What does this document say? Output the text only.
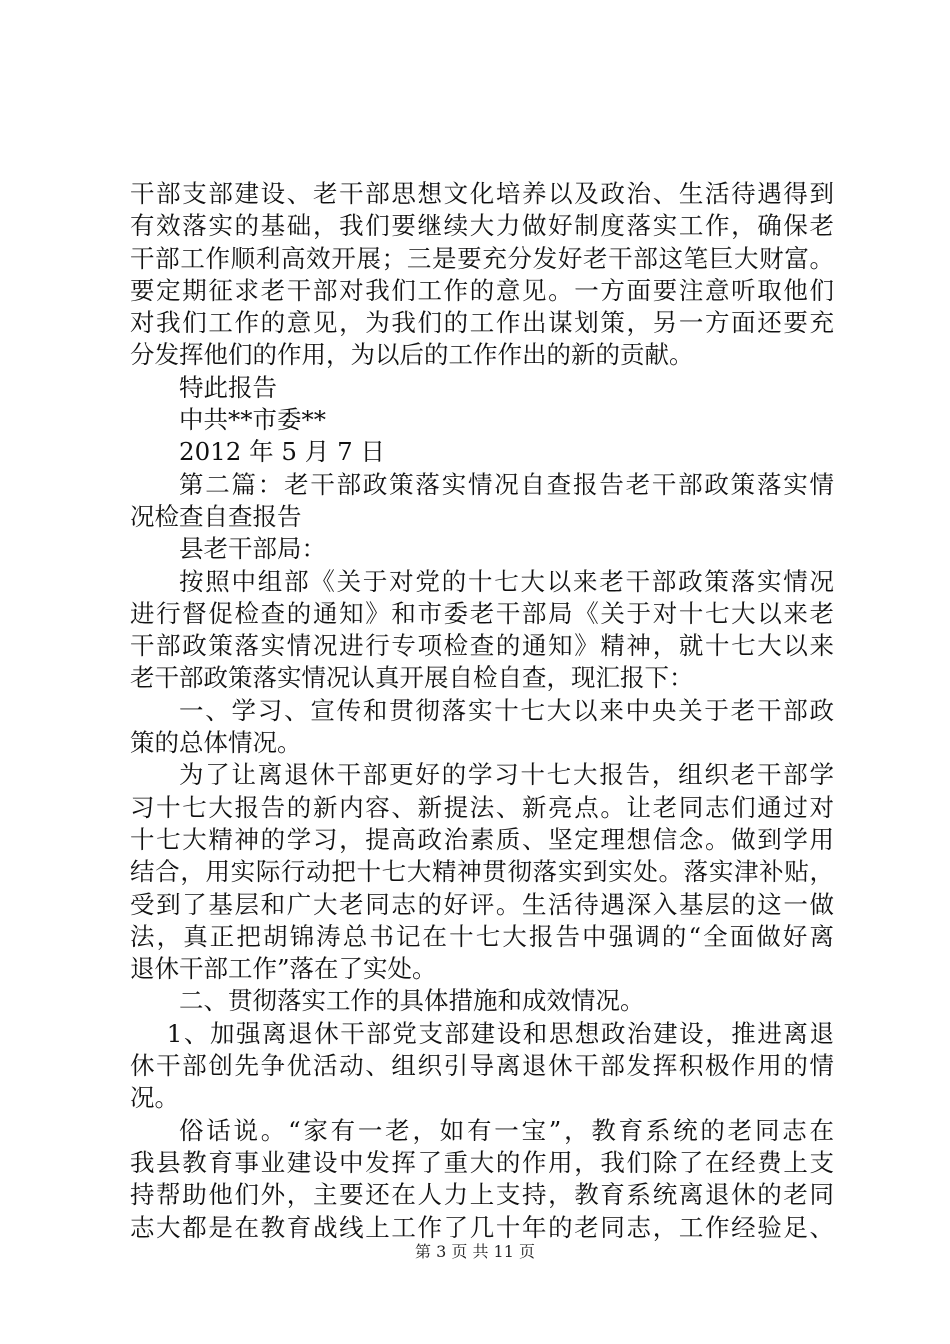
干部支部建设、老干部思想文化培养以及政治、生活待遇得到
有效落实的基础，我们要继续大力做好制度落实工作，确保老
干部工作顺利高效开展；三是要充分发好老干部这笔巨大财富。
要定期征求老干部对我们工作的意见。一方面要注意听取他们
对我们工作的意见，为我们的工作出谋划策，另一方面还要充
分发挥他们的作用，为以后的工作作出的新的贡献。
特此报告
中共**市委**
2012 年 5 月 7 日
第二篇：老干部政策落实情况自查报告老干部政策落实情
况检查自查报告
县老干部局：
按照中组部《关于对党的十七大以来老干部政策落实情况
进行督促检查的通知》和市委老干部局《关于对十七大以来老
干部政策落实情况进行专项检查的通知》精神，就十七大以来
老干部政策落实情况认真开展自检自查，现汇报下：
一、学习、宣传和贯彻落实十七大以来中央关于老干部政
策的总体情况。
为了让离退休干部更好的学习十七大报告，组织老干部学
习十七大报告的新内容、新提法、新亮点。让老同志们通过对
十七大精神的学习，提高政治素质、坚定理想信念。做到学用
结合，用实际行动把十七大精神贯彻落实到实处。落实津补贴，
受到了基层和广大老同志的好评。生活待遇深入基层的这一做
法，真正把胡锦涛总书记在十七大报告中强调的“全面做好离
退休干部工作”落在了实处。
二、贯彻落实工作的具体措施和成效情况。
1、加强离退休干部党支部建设和思想政治建设，推进离退
休干部创先争优活动、组织引导离退休干部发挥积极作用的情
况。
俗话说。“家有一老，如有一宝”，教育系统的老同志在
我县教育事业建设中发挥了重大的作用，我们除了在经费上支
持帮助他们外，主要还在人力上支持，教育系统离退休的老同
志大都是在教育战线上工作了几十年的老同志，工作经验足、
第 3 页 共 11 页
